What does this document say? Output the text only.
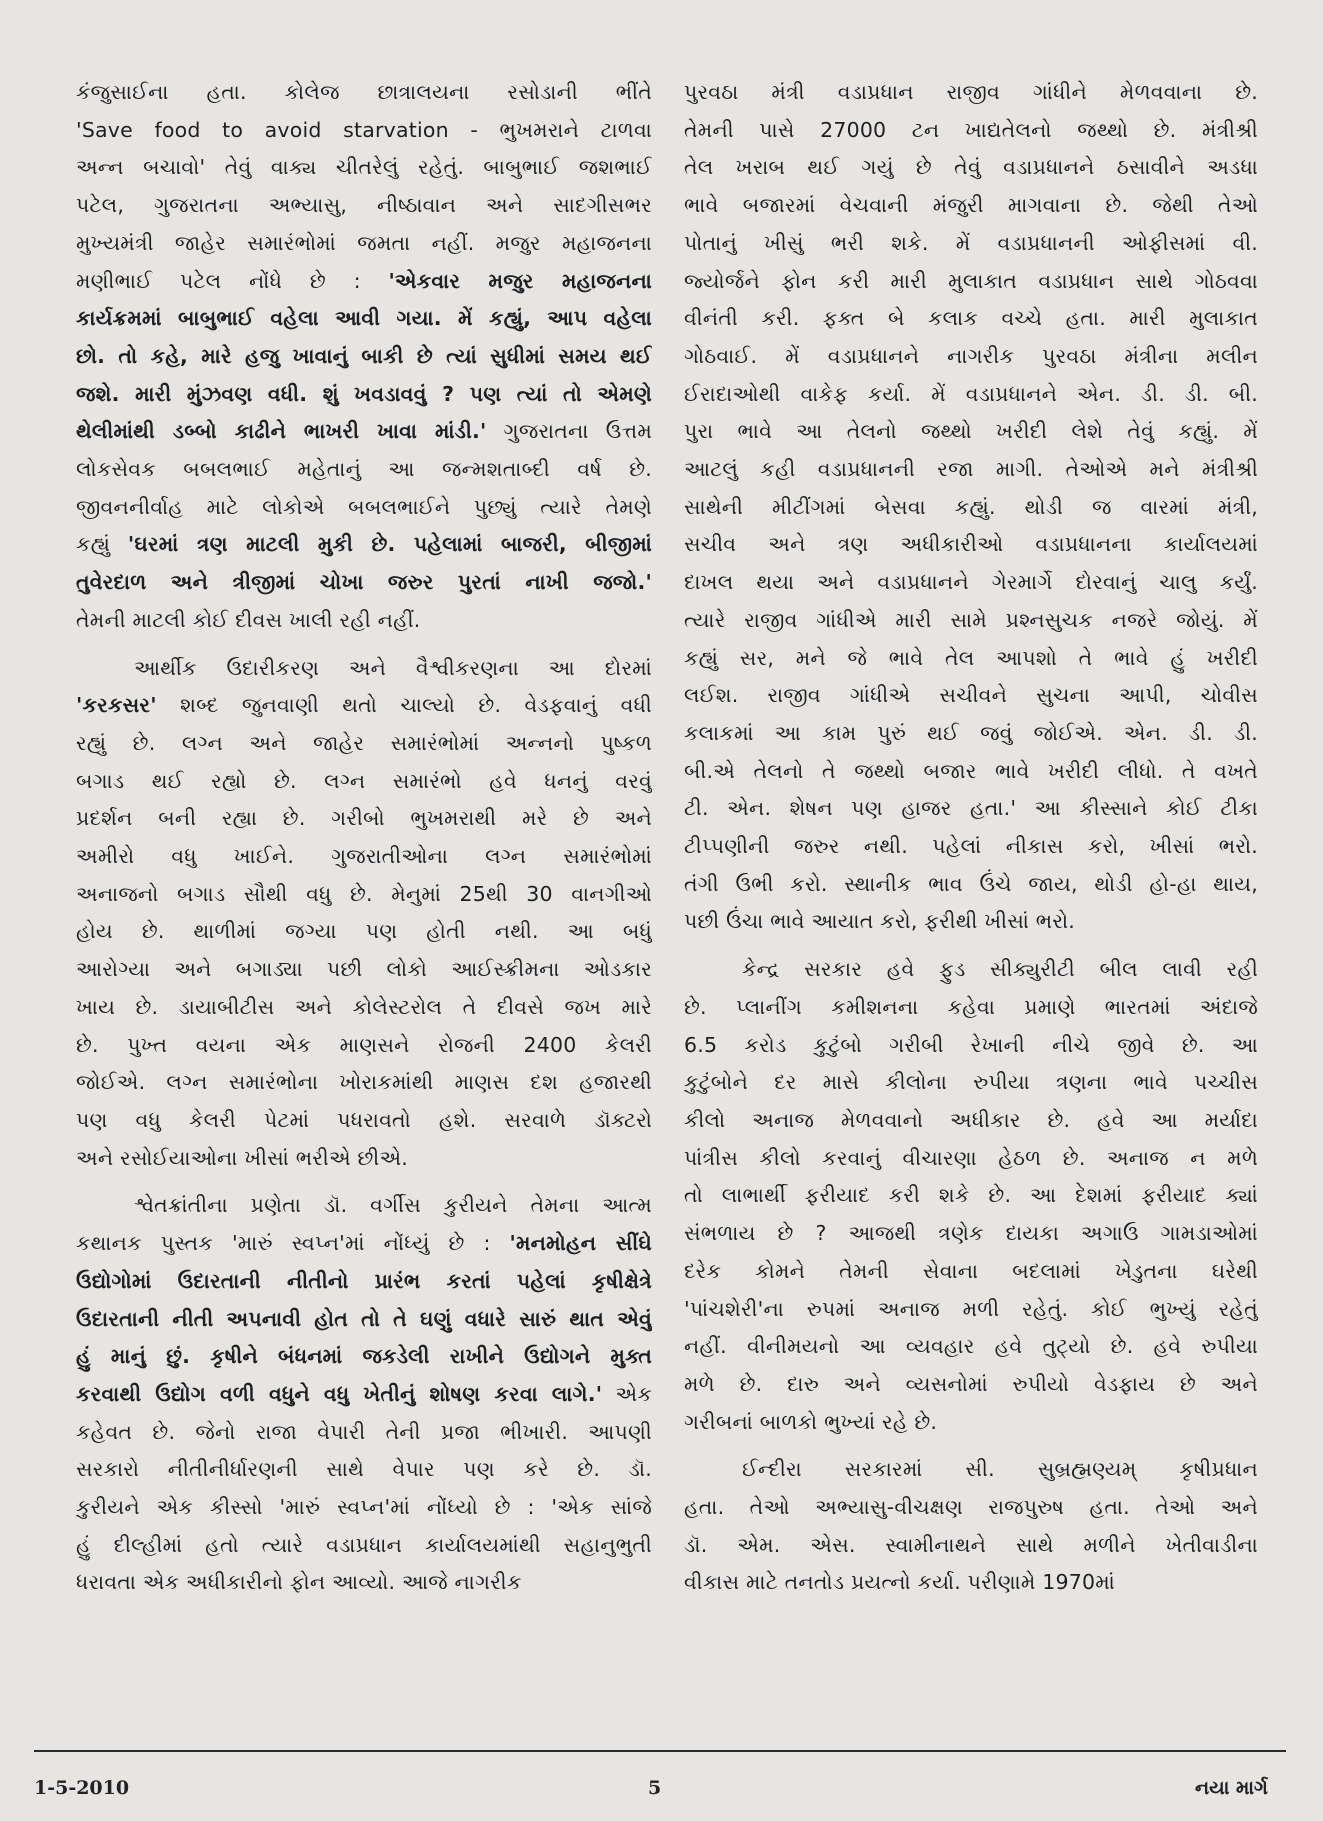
કંજુસાઈના હતા. કોલેજ છાત્રાલયના રસોડાની ભીંતે
'Save food to avoid starvation - ભુખમરાને ટાળવા
અન્ન બચાવો' તેવું વાક્ય ચીતરેલું રહેતું. બાબુભાઈ જશભાઈ
પટેલ, ગુજરાતના અભ્યાસુ, નીષ્ઠાવાન અને સાદગીસભર
મુખ્યમંત્રી જાહેર સમારંભોમાં જમતા નહીં. મજુર મહાજનના
મણીભાઈ પટેલ નોંધે છે : 'એકવાર મજુર મહાજનના
કાર્યક્રમમાં બાબુભાઈ વહેલા આવી ગયા. મેં કહ્યું, આપ વહેલા
છો. તો કહે, મારે હજુ ખાવાનું બાકી છે ત્યાં સુધીમાં સમય થઈ
જશે. મારી મુંઝવણ વધી. શું ખવડાવવું ? પણ ત્યાં તો એમણે
થેલીમાંથી ડબ્બો કાઢીને ભાખરી ખાવા માંડી.' ગુજરાતના ઉત્તમ
લોકસેવક બબલભાઈ મહેતાનું આ જન્મશતાબ્દી વર્ષ છે.
જીવનનીર્વાહ માટે લોકોએ બબલભાઈને પુછ્યું ત્યારે તેમણે
કહ્યું 'ઘરમાં ત્રણ માટલી મુકી છે. પહેલામાં બાજરી, બીજીમાં
તુવેરદાળ અને ત્રીજીમાં ચોખા જરુર પુરતાં નાખી જજો.'
તેમની માટલી કોઈ દીવસ ખાલી રહી નહીં.

આર્થીક ઉદારીકરણ અને વૈશ્વીકરણના આ દોરમાં
'કરકસર' શબ્દ જુનવાણી થતો ચાલ્યો છે. વેડફવાનું વધી
રહ્યું છે. લગ્ન અને જાહેર સમારંભોમાં અન્નનો પુષ્કળ
બગાડ થઈ રહ્યો છે. લગ્ન સમારંભો હવે ધનનું વરવું
પ્રદર્શન બની રહ્યા છે. ગરીબો ભુખમરાથી મરે છે અને
અમીરો વધુ ખાઈને. ગુજરાતીઓના લગ્ન સમારંભોમાં
અનાજનો બગાડ સૌથી વધુ છે. મેનુમાં 25થી 30 વાનગીઓ
હોય છે. થાળીમાં જગ્યા પણ હોતી નથી. આ બધું
આરોગ્યા અને બગાડ્યા પછી લોકો આઈસ્ક્રીમના ઓડકાર
ખાય છે. ડાયાબીટીસ અને કોલેસ્ટરોલ તે દીવસે જખ મારે
છે. પુખ્ત વયના એક માણસને રોજની 2400 કેલરી
જોઈએ. લગ્ન સમારંભોના ખોરાકમાંથી માણસ દશ હજારથી
પણ વધુ કેલરી પેટમાં પધરાવતો હશે. સરવાળે ડૉક્ટરો
અને રસોઈયાઓના ખીસાં ભરીએ છીએ.

શ્વેતક્રાંતીના પ્રણેતા ડૉ. વર્ગીસ કુરીયને તેમના આત્મ
કથાનક પુસ્તક 'મારું સ્વપ્ન'માં નોંધ્યું છે : 'મનમોહન સીંઘે
ઉદ્યોગોમાં ઉદારતાની નીતીનો પ્રારંભ કરતાં પહેલાં કૃષીક્ષેત્રે
ઉદારતાની નીતી અપનાવી હોત તો તે ઘણું વધારે સારું થાત એવું
હું માનું છું. કૃષીને બંધનમાં જકડેલી રાખીને ઉદ્યોગને મુક્ત
કરવાથી ઉદ્યોગ વળી વધુને વધુ ખેતીનું શોષણ કરવા લાગે.' એક
કહેવત છે. જેનો રાજા વેપારી તેની પ્રજા ભીખારી. આપણી
સરકારો નીતીનીર્ધારણની સાથે વેપાર પણ કરે છે. ડૉ.
કુરીયને એક કીસ્સો 'મારું સ્વપ્ન'માં નોંધ્યો છે : 'એક સાંજે
હું દીલ્હીમાં હતો ત્યારે વડાપ્રધાન કાર્યાલયમાંથી સહાનુભુતી
ધરાવતા એક અધીકારીનો ફોન આવ્યો. આજે નાગરીક

પુરવઠા મંત્રી વડાપ્રધાન રાજીવ ગાંધીને મેળવવાના છે.
તેમની પાસે 27000 ટન ખાદ્યતેલનો જથ્થો છે. મંત્રીશ્રી
તેલ ખરાબ થઈ ગયું છે તેવું વડાપ્રધાનને ઠસાવીને અડધા
ભાવે બજારમાં વેચવાની મંજુરી માગવાના છે. જેથી તેઓ
પોતાનું ખીસું ભરી શકે. મેં વડાપ્રધાનની ઓફીસમાં વી.
જ્યોર્જને ફોન કરી મારી મુલાકાત વડાપ્રધાન સાથે ગોઠવવા
વીનંતી કરી. ફક્ત બે કલાક વચ્ચે હતા. મારી મુલાકાત
ગોઠવાઈ. મેં વડાપ્રધાનને નાગરીક પુરવઠા મંત્રીના મલીન
ઈરાદાઓથી વાકેફ કર્યા. મેં વડાપ્રધાનને એન. ડી. ડી. બી.
પુરા ભાવે આ તેલનો જથ્થો ખરીદી લેશે તેવું કહ્યું. મેં
આટલું કહી વડાપ્રધાનની રજા માગી. તેઓએ મને મંત્રીશ્રી
સાથેની મીટીંગમાં બેસવા કહ્યું. થોડી જ વારમાં મંત્રી,
સચીવ અને ત્રણ અધીકારીઓ વડાપ્રધાનના કાર્યાલયમાં
દાખલ થયા અને વડાપ્રધાનને ગેરમાર્ગે દોરવાનું ચાલુ કર્યું.
ત્યારે રાજીવ ગાંધીએ મારી સામે પ્રશ્નસુચક નજરે જોયું. મેં
કહ્યું સર, મને જે ભાવે તેલ આપશો તે ભાવે હું ખરીદી
લઈશ. રાજીવ ગાંધીએ સચીવને સુચના આપી, ચોવીસ
કલાકમાં આ કામ પુરું થઈ જવું જોઈએ. એન. ડી. ડી.
બી.એ તેલનો તે જથ્થો બજાર ભાવે ખરીદી લીધો. તે વખતે
ટી. એન. શેષન પણ હાજર હતા.' આ કીસ્સાને કોઈ ટીકા
ટીપ્પણીની જરુર નથી. પહેલાં નીકાસ કરો, ખીસાં ભરો.
તંગી ઉભી કરો. સ્થાનીક ભાવ ઉંચે જાય, થોડી હો-હા થાય,
પછી ઉંચા ભાવે આયાત કરો, ફરીથી ખીસાં ભરો.

કેન્દ્ર સરકાર હવે ફુડ સીક્યુરીટી બીલ લાવી રહી
છે. પ્લાનીંગ કમીશનના કહેવા પ્રમાણે ભારતમાં અંદાજે
6.5 કરોડ કુટુંબો ગરીબી રેખાની નીચે જીવે છે. આ
કુટુંબોને દર માસે કીલોના રુપીયા ત્રણના ભાવે પચ્ચીસ
કીલો અનાજ મેળવવાનો અધીકાર છે. હવે આ મર્યાદા
પાંત્રીસ કીલો કરવાનું વીચારણા હેઠળ છે. અનાજ ન મળે
તો લાભાર્થી ફરીયાદ કરી શકે છે. આ દેશમાં ફરીયાદ ક્યાં
સંભળાય છે ? આજથી ત્રણેક દાયકા અગાઉ ગામડાઓમાં
દરેક કોમને તેમની સેવાના બદલામાં ખેડુતના ઘરેથી
'પાંચશેરી'ના રુપમાં અનાજ મળી રહેતું. કોઈ ભુખ્યું રહેતું
નહીં. વીનીમયનો આ વ્યવહાર હવે તુટ્યો છે. હવે રુપીયા
મળે છે. દારુ અને વ્યસનોમાં રુપીયો વેડફાય છે અને
ગરીબનાં બાળકો ભુખ્યાં રહે છે.

ઈન્દીરા સરકારમાં સી. સુબ્રહ્મણ્યમ્ કૃષીપ્રધાન
હતા. તેઓ અભ્યાસુ-વીચક્ષણ રાજપુરુષ હતા. તેઓ અને
ડૉ. એમ. એસ. સ્વામીનાથને સાથે મળીને ખેતીવાડીના
વીકાસ માટે તનતોડ પ્રયત્નો કર્યા. પરીણામે 1970માં

1-5-2010	5	નયા માર્ગ
